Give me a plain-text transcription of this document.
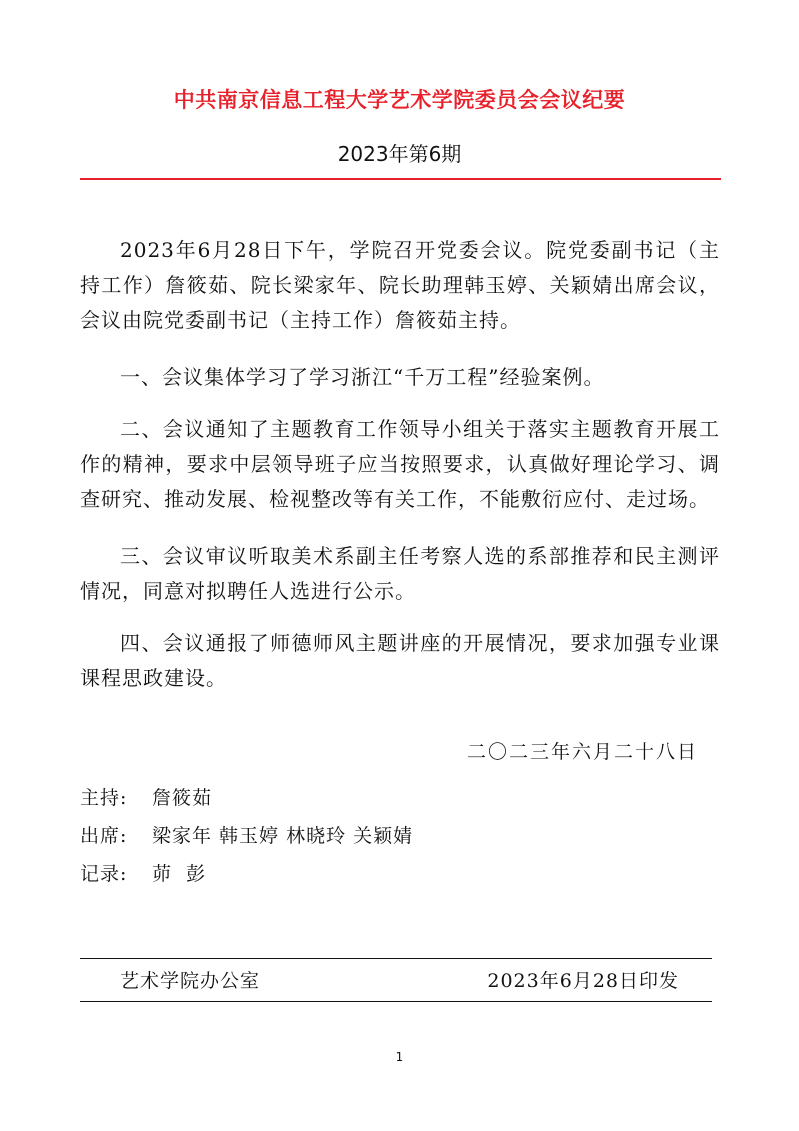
中共南京信息工程大学艺术学院委员会会议纪要
2023年第6期

2023年6月28日下午，学院召开党委会议。院党委副书记（主持工作）詹筱茹、院长梁家年、院长助理韩玉婷、关颖婧出席会议，会议由院党委副书记（主持工作）詹筱茹主持。

一、会议集体学习了学习浙江“千万工程”经验案例。

二、会议通知了主题教育工作领导小组关于落实主题教育开展工作的精神，要求中层领导班子应当按照要求，认真做好理论学习、调查研究、推动发展、检视整改等有关工作，不能敷衍应付、走过场。

三、会议审议听取美术系副主任考察人选的系部推荐和民主测评情况，同意对拟聘任人选进行公示。

四、会议通报了师德师风主题讲座的开展情况，要求加强专业课课程思政建设。

二〇二三年六月二十八日
主持: 詹筱茹
出席: 梁家年 韩玉婷 林晓玲 关颖婧
记录: 茆  彭
艺术学院办公室	2023年6月28日印发
1
